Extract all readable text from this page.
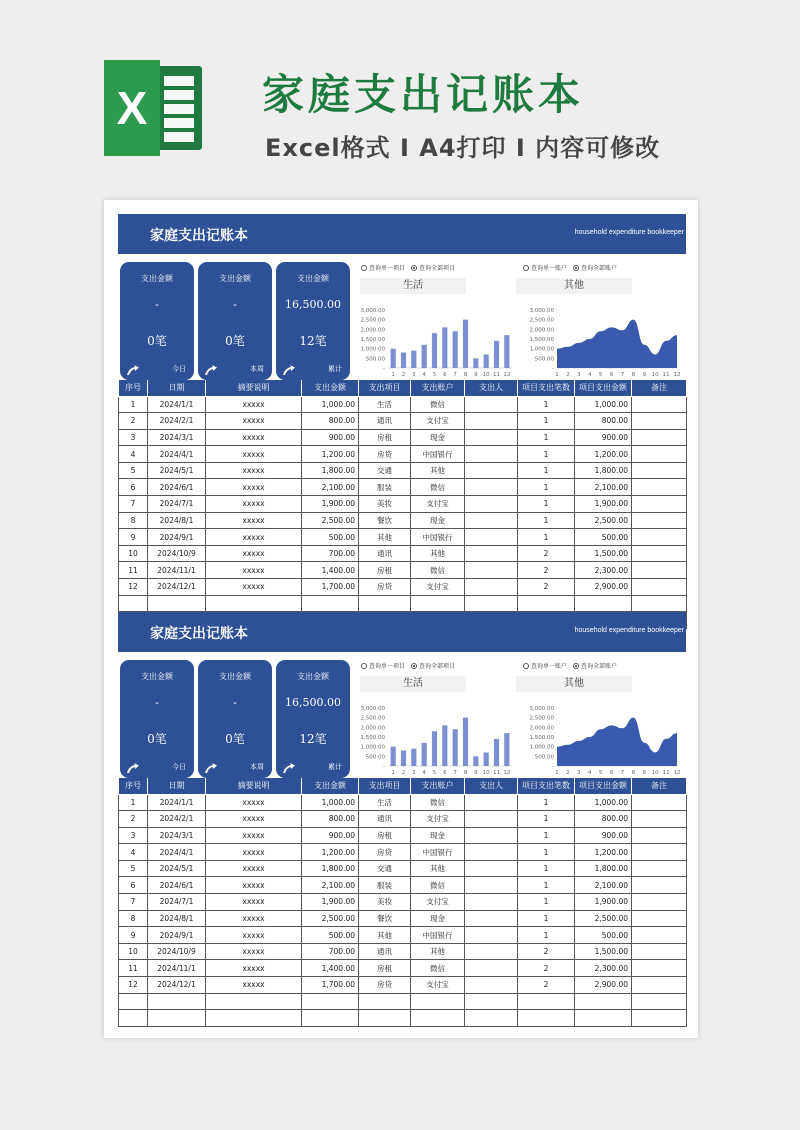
X	家庭支出记账本
Excel格式 Ⅰ A4打印 Ⅰ 内容可修改
家庭支出记账本	household expenditure bookkeeper
支出金额
-
0笔
今日
支出金额
-
0笔
本周
支出金额
16,500.00
12笔
累计
查询单一项目 查询全部项目	查询单一账户 查询全部账户
生活	其他
-
500.00
1,000.00
1,500.00
2,000.00
2,500.00
3,000.00
1 2 3 4 5 6 7 8 9 10 11 12
-
500.00
1,000.00
1,500.00
2,000.00
2,500.00
3,000.00
1 2 3 4 5 6 7 8 9 10 11 12
序号	日期	摘要说明	支出金额	支出项目	支出账户	支出人	项目支出笔数	项目支出金额	备注
1	2024/1/1	xxxxx	1,000.00	生活	微信		1	1,000.00	
2	2024/2/1	xxxxx	800.00	通讯	支付宝		1	800.00	
3	2024/3/1	xxxxx	900.00	房租	现金		1	900.00	
4	2024/4/1	xxxxx	1,200.00	房贷	中国银行		1	1,200.00	
5	2024/5/1	xxxxx	1,800.00	交通	其他		1	1,800.00	
6	2024/6/1	xxxxx	2,100.00	服装	微信		1	2,100.00	
7	2024/7/1	xxxxx	1,900.00	美妆	支付宝		1	1,900.00	
8	2024/8/1	xxxxx	2,500.00	餐饮	现金		1	2,500.00	
9	2024/9/1	xxxxx	500.00	其他	中国银行		1	500.00	
10	2024/10/9	xxxxx	700.00	通讯	其他		2	1,500.00	
11	2024/11/1	xxxxx	1,400.00	房租	微信		2	2,300.00	
12	2024/12/1	xxxxx	1,700.00	房贷	支付宝		2	2,900.00	

家庭支出记账本	household expenditure bookkeeper
支出金额
-
0笔
今日
支出金额
-
0笔
本周
支出金额
16,500.00
12笔
累计
查询单一项目 查询全部项目	查询单一账户 查询全部账户
生活	其他
-
500.00
1,000.00
1,500.00
2,000.00
2,500.00
3,000.00
1 2 3 4 5 6 7 8 9 10 11 12
-
500.00
1,000.00
1,500.00
2,000.00
2,500.00
3,000.00
1 2 3 4 5 6 7 8 9 10 11 12
序号	日期	摘要说明	支出金额	支出项目	支出账户	支出人	项目支出笔数	项目支出金额	备注
1	2024/1/1	xxxxx	1,000.00	生活	微信		1	1,000.00	
2	2024/2/1	xxxxx	800.00	通讯	支付宝		1	800.00	
3	2024/3/1	xxxxx	900.00	房租	现金		1	900.00	
4	2024/4/1	xxxxx	1,200.00	房贷	中国银行		1	1,200.00	
5	2024/5/1	xxxxx	1,800.00	交通	其他		1	1,800.00	
6	2024/6/1	xxxxx	2,100.00	服装	微信		1	2,100.00	
7	2024/7/1	xxxxx	1,900.00	美妆	支付宝		1	1,900.00	
8	2024/8/1	xxxxx	2,500.00	餐饮	现金		1	2,500.00	
9	2024/9/1	xxxxx	500.00	其他	中国银行		1	500.00	
10	2024/10/9	xxxxx	700.00	通讯	其他		2	1,500.00	
11	2024/11/1	xxxxx	1,400.00	房租	微信		2	2,300.00	
12	2024/12/1	xxxxx	1,700.00	房贷	支付宝		2	2,900.00	
